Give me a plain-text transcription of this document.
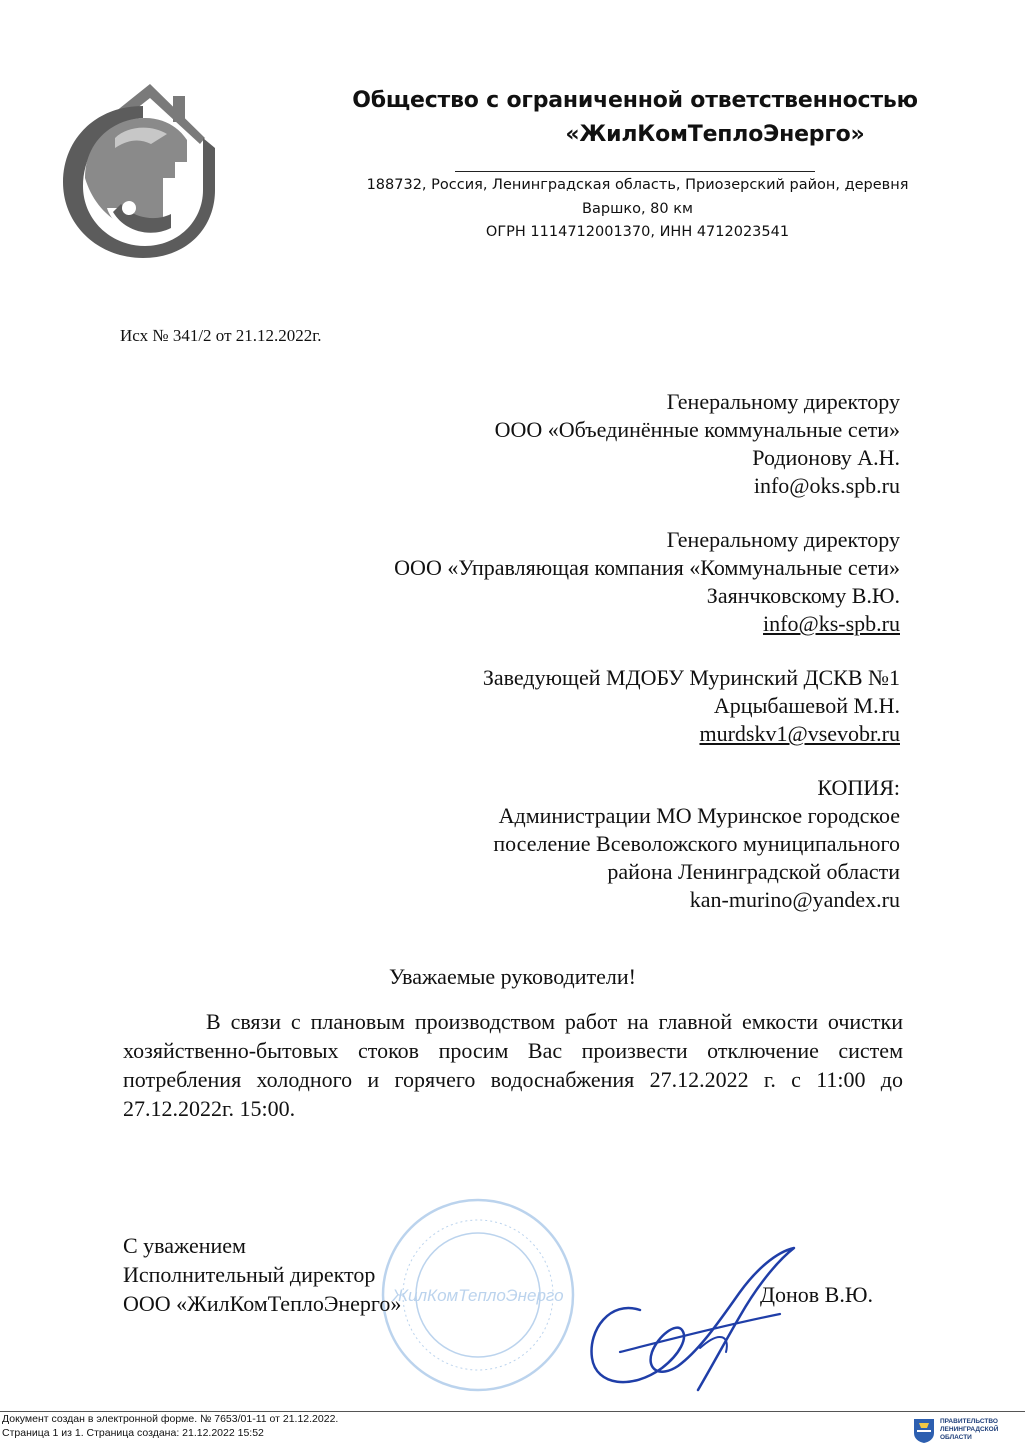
Общество с ограниченной ответственностью
«ЖилКомТеплоЭнерго»
188732, Россия, Ленинградская область, Приозерский район, деревня
Варшко, 80 км
ОГРН 1114712001370, ИНН 4712023541
Исх № 341/2 от 21.12.2022г.
Генеральному директору
ООО «Объединённые коммунальные сети»
Родионову А.Н.
info@oks.spb.ru
Генеральному директору
ООО «Управляющая компания «Коммунальные сети»
Заянчковскому В.Ю.
info@ks-spb.ru
Заведующей МДОБУ Муринский ДСКВ №1
Арцыбашевой М.Н.
murdskv1@vsevobr.ru
КОПИЯ:
Администрации МО Муринское городское
поселение Всеволожского муниципального
района Ленинградской области
kan-murino@yandex.ru
Уважаемые руководители!
В связи с плановым производством работ на главной емкости очистки хозяйственно-бытовых стоков просим Вас произвести отключение систем потребления холодного и горячего водоснабжения 27.12.2022 г. с 11:00 до 27.12.2022г. 15:00.
ЖилКомТеплоЭнерго
С уважением
Исполнительный директор
ООО «ЖилКомТеплоЭнерго»	Донов В.Ю.
Документ создан в электронной форме. № 7653/01-11 от 21.12.2022.
Страница 1 из 1. Страница создана: 21.12.2022 15:52
ПРАВИТЕЛЬСТВО
ЛЕНИНГРАДСКОЙ
ОБЛАСТИ
